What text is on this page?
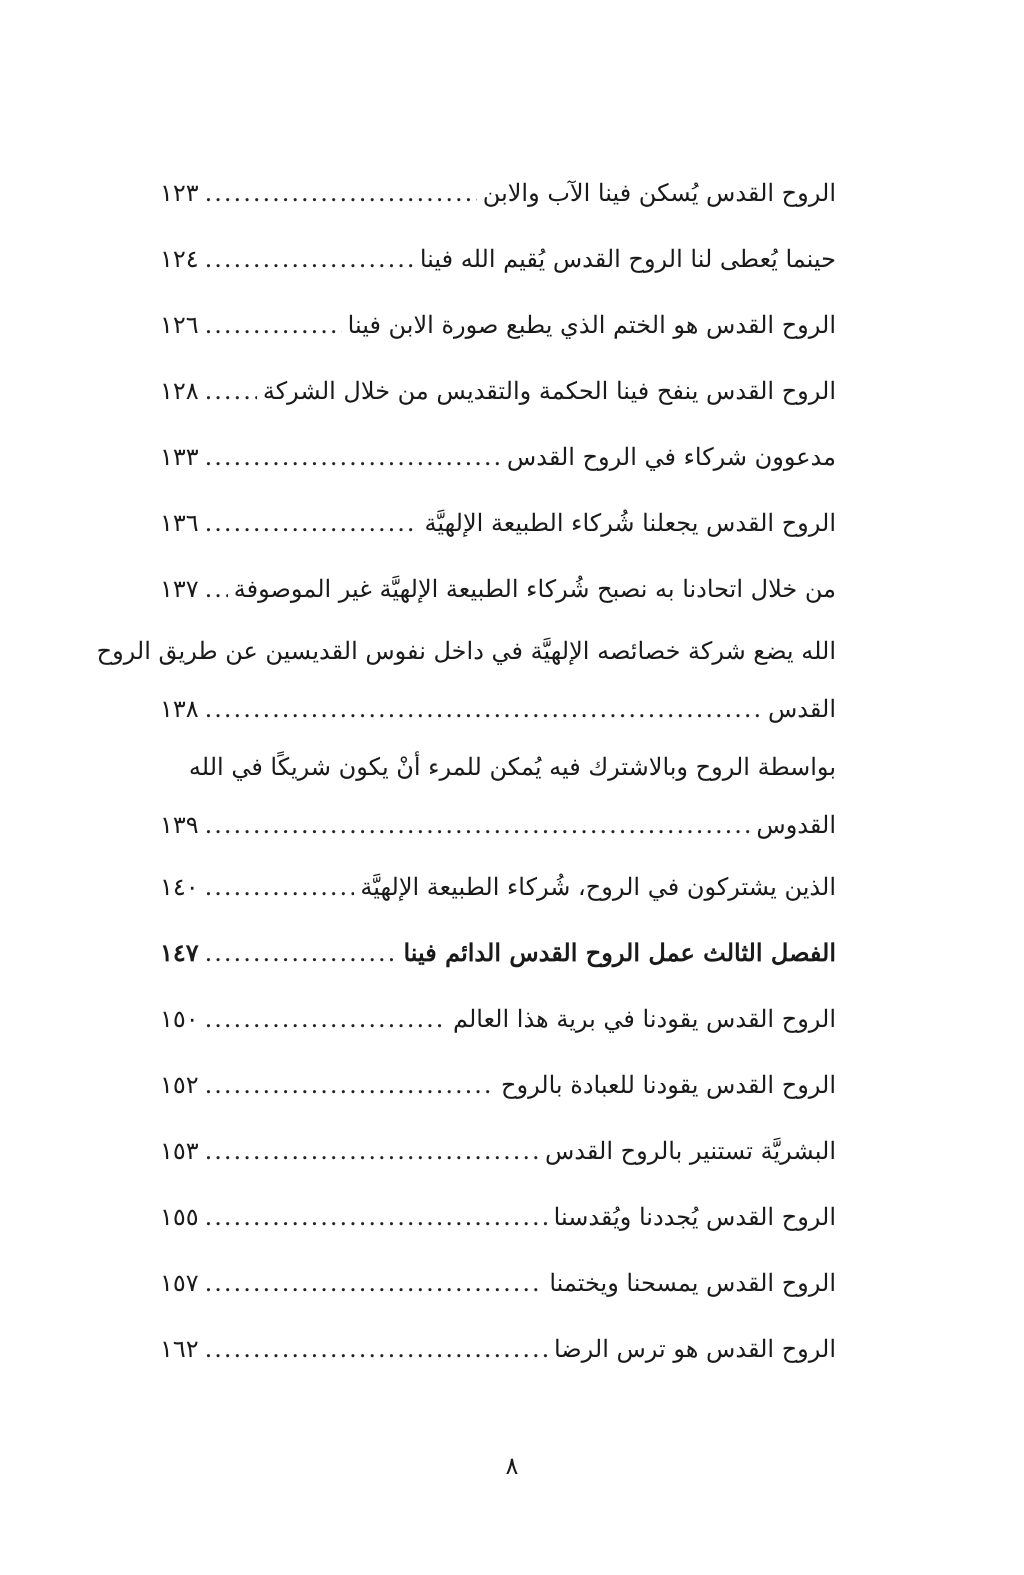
الروح القدس يُسكن فينا الآب والابن
.....
١٢٣
حينما يُعطى لنا الروح القدس يُقيم الله فينا
.....
١٢٤
الروح القدس هو الختم الذي يطبع صورة الابن فينا
.....
١٢٦
الروح القدس ينفح فينا الحكمة والتقديس من خلال الشركة
.....
١٢٨
مدعوون شركاء في الروح القدس
.....
١٣٣
الروح القدس يجعلنا شُركاء الطبيعة الإلهيَّة
.....
١٣٦
من خلال اتحادنا به نصبح شُركاء الطبيعة الإلهيَّة غير الموصوفة
.....
١٣٧
الله يضع شركة خصائصه الإلهيَّة في داخل نفوس القديسين عن طريق الروح
القدس
.....
١٣٨
بواسطة الروح وبالاشترك فيه يُمكن للمرء أنْ يكون شريكًا في الله
القدوس
.....
١٣٩
الذين يشتركون في الروح، شُركاء الطبيعة الإلهيَّة
.....
١٤٠
الفصل الثالث عمل الروح القدس الدائم فينا
.....
١٤٧
الروح القدس يقودنا في برية هذا العالم
.....
١٥٠
الروح القدس يقودنا للعبادة بالروح
.....
١٥٢
البشريَّة تستنير بالروح القدس
.....
١٥٣
الروح القدس يُجددنا ويُقدسنا
.....
١٥٥
الروح القدس يمسحنا ويختمنا
.....
١٥٧
الروح القدس هو ترس الرضا
.....
١٦٢
٨
